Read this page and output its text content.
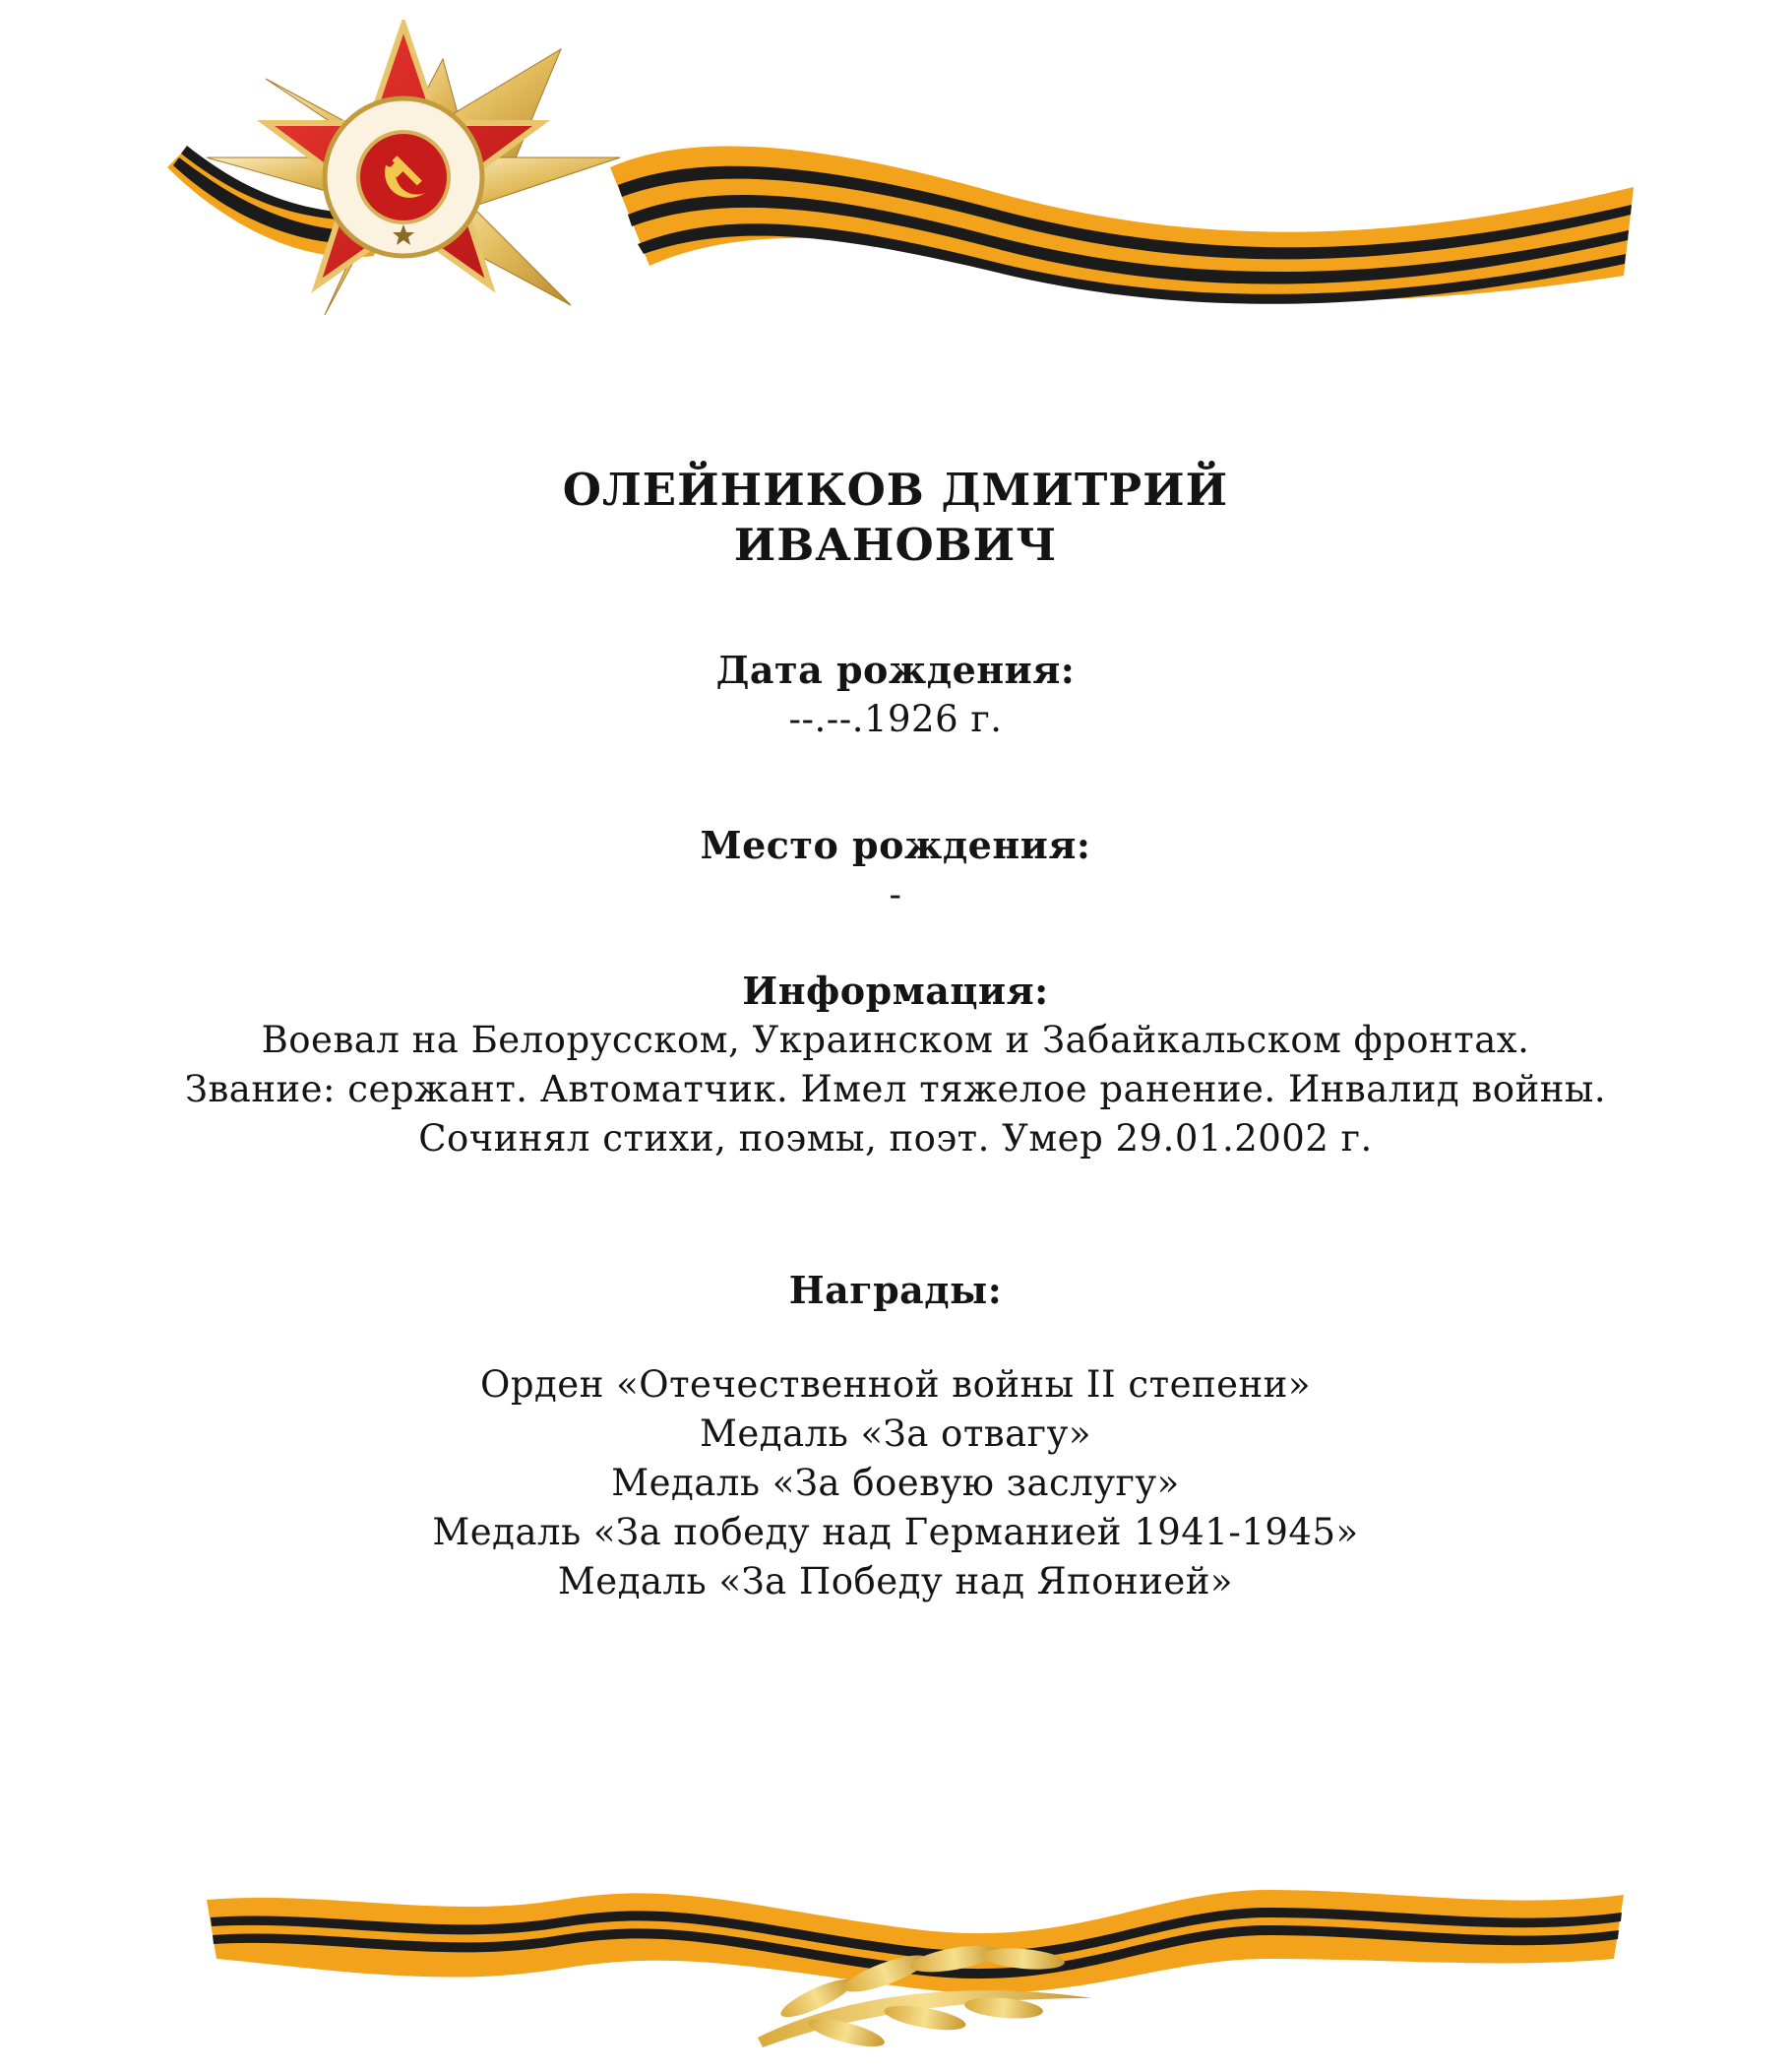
ОЛЕЙНИКОВ ДМИТРИЙ
ИВАНОВИЧ
Дата рождения:
--.--.1926 г.
Место рождения:
-
Информация:
Воевал на Белорусском, Украинском и Забайкальском фронтах.
Звание: сержант. Автоматчик. Имел тяжелое ранение. Инвалид войны.
Сочинял стихи, поэмы, поэт. Умер 29.01.2002 г.
Награды:
Орден «Отечественной войны II степени»
Медаль «За отвагу»
Медаль «За боевую заслугу»
Медаль «За победу над Германией 1941-1945»
Медаль «За Победу над Японией»
